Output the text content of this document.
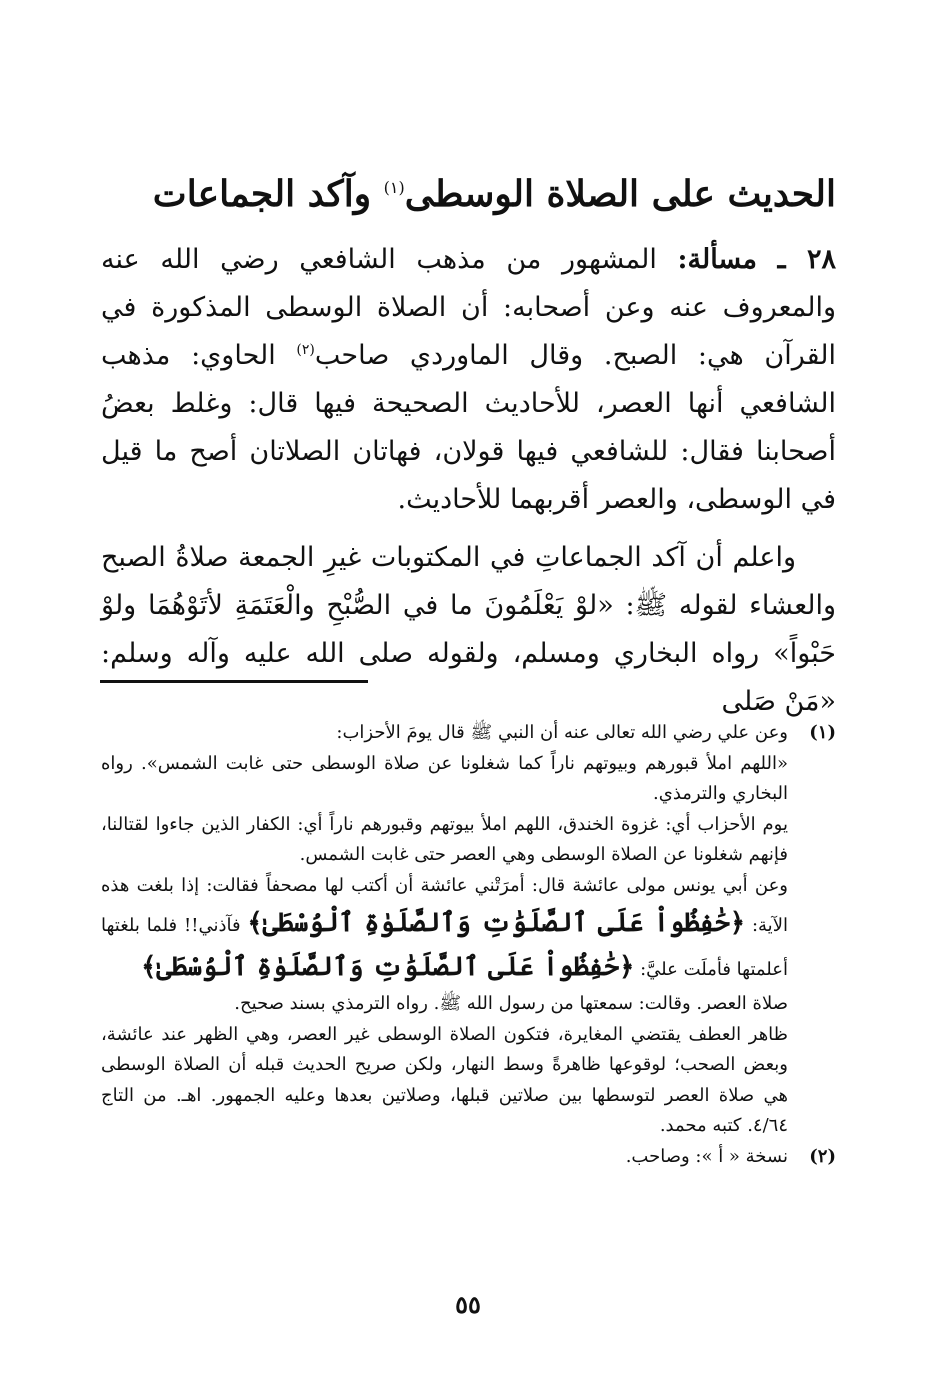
الحديث على الصلاة الوسطى$^{(١)}$ وآكد الجماعات

٢٨ ـ مسألة: المشهور من مذهب الشافعي رضي الله عنه والمعروف عنه وعن أصحابه: أن الصلاة الوسطى المذكورة في القرآن هي: الصبح. وقال الماوردي صاحب$^{(٢)}$ الحاوي: مذهب الشافعي أنها العصر، للأحاديث الصحيحة فيها قال: وغلط بعضُ أصحابنا فقال: للشافعي فيها قولان، فهاتان الصلاتان أصح ما قيل في الوسطى، والعصر أقربهما للأحاديث.

واعلم أن آكد الجماعاتِ في المكتوبات غيرِ الجمعة صلاةُ الصبح والعشاء لقوله ﷺ: «لوْ يَعْلَمُونَ ما في الصُّبْحِ والْعَتَمَةِ لأتَوْهُمَا ولوْ حَبْواً» رواه البخاري ومسلم، ولقوله صلى الله عليه وآله وسلم: «مَنْ صَلى

(١)

وعن علي رضي الله تعالى عنه أن النبي ﷺ قال يومَ الأحزاب:

«اللهم املأ قبورهم وبيوتهم ناراً كما شغلونا عن صلاة الوسطى حتى غابت الشمس». رواه البخاري والترمذي.

يوم الأحزاب أي: غزوة الخندق، اللهم املأ بيوتهم وقبورهم ناراً أي: الكفار الذين جاءوا لقتالنا، فإنهم شغلونا عن الصلاة الوسطى وهي العصر حتى غابت الشمس.

وعن أبي يونس مولى عائشة قال: أمرَتْني عائشة أن أكتب لها مصحفاً فقالت: إذا بلغت هذه الآية: ﴿حَٰفِظُواْ عَلَى ٱلصَّلَوَٰتِ وَٱلصَّلَوٰةِ ٱلْوُسْطَىٰ﴾ فآذني!! فلما بلغتها أعلمتها فأملَت عليَّ: ﴿حَٰفِظُواْ عَلَى ٱلصَّلَوَٰتِ وَٱلصَّلَوٰةِ ٱلْوُسْطَىٰ﴾

صلاة العصر. وقالت: سمعتها من رسول الله ﷺ. رواه الترمذي بسند صحيح.

ظاهر العطف يقتضي المغايرة، فتكون الصلاة الوسطى غير العصر، وهي الظهر عند عائشة، وبعض الصحب؛ لوقوعها ظاهرةً وسط النهار، ولكن صريح الحديث قبله أن الصلاة الوسطى هي صلاة العصر لتوسطها بين صلاتين قبلها، وصلاتين بعدها وعليه الجمهور. اهـ. من التاج ٤/٦٤. كتبه محمد.

(٢)

نسخة « أ »: وصاحب.

٥٥
